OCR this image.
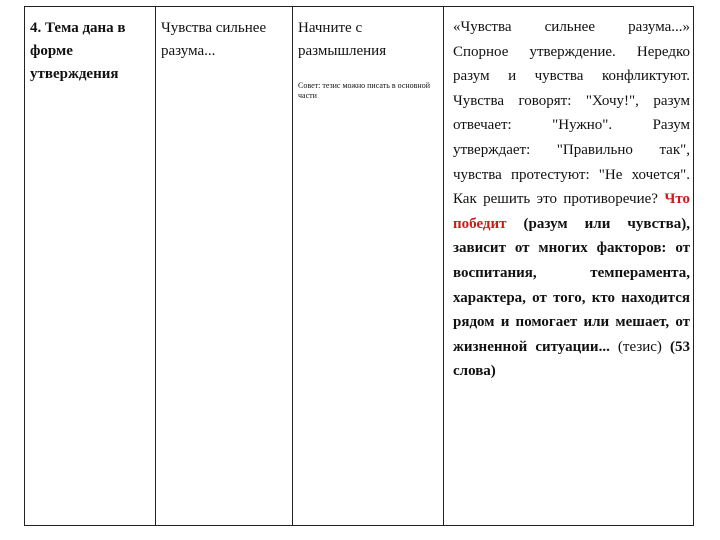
4. Тема дана в форме утверждения
Чувства сильнее разума...
Начните с размышления
Совет: тезис можно писать в основной части
«Чувства сильнее разума...» Спорное утверждение. Нередко разум и чувства конфликтуют. Чувства говорят: "Хочу!", разум отвечает: "Нужно". Разум утверждает: "Правильно так", чувства протестуют: "Не хочется". Как решить это противоречие? Что победит (разум или чувства), зависит от многих факторов: от воспитания, темперамента, характера, от того, кто находится рядом и помогает или мешает, от жизненной ситуации... (тезис) (53 слова)
